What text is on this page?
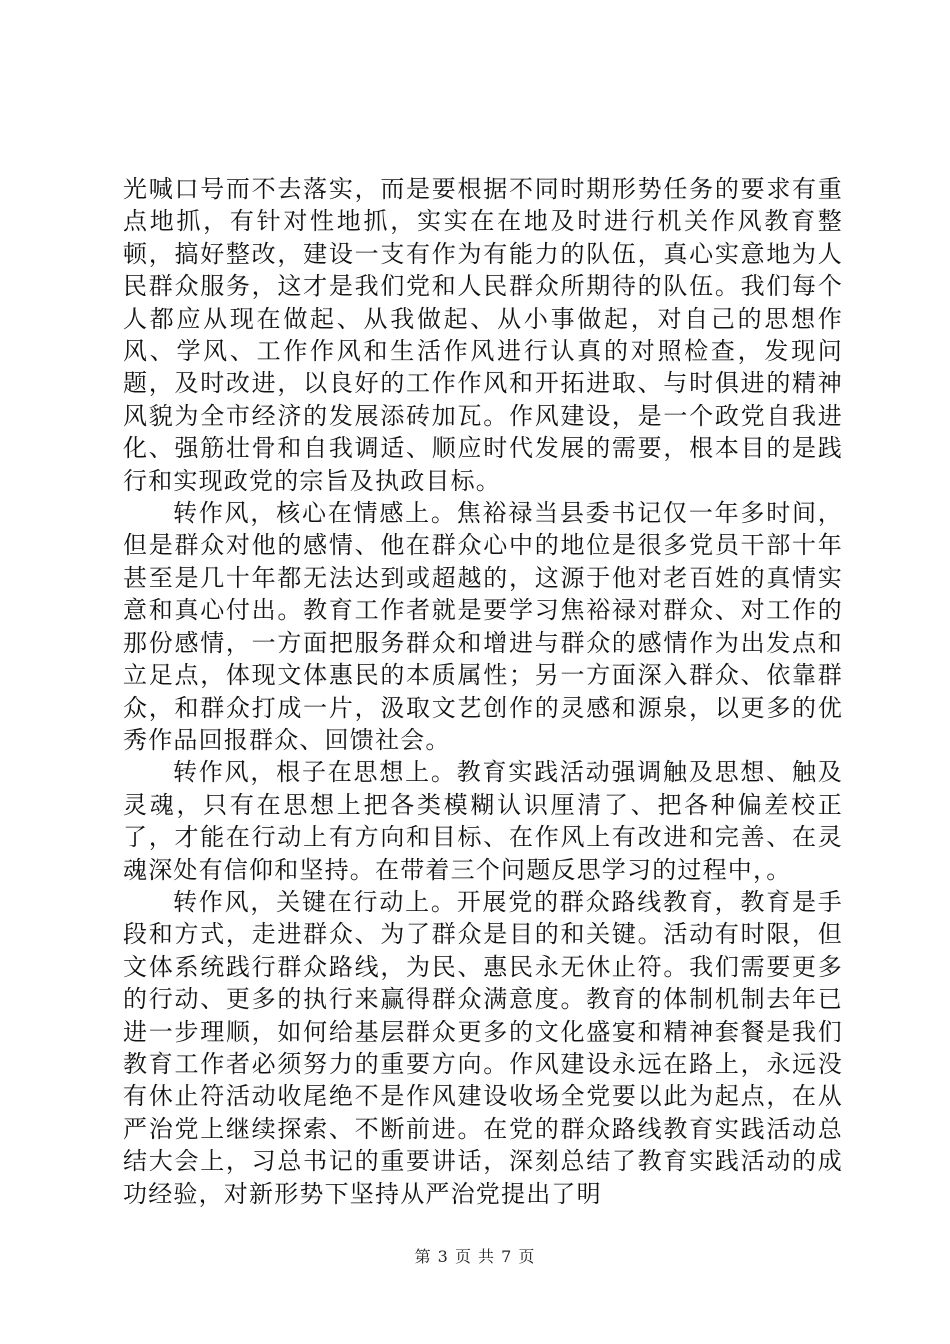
光喊口号而不去落实，而是要根据不同时期形势任务的要求有重点地抓，有针对性地抓，实实在在地及时进行机关作风教育整顿，搞好整改，建设一支有作为有能力的队伍，真心实意地为人民群众服务，这才是我们党和人民群众所期待的队伍。我们每个人都应从现在做起、从我做起、从小事做起，对自己的思想作风、学风、工作作风和生活作风进行认真的对照检查，发现问题，及时改进，以良好的工作作风和开拓进取、与时俱进的精神风貌为全市经济的发展添砖加瓦。作风建设，是一个政党自我进化、强筋壮骨和自我调适、顺应时代发展的需要，根本目的是践行和实现政党的宗旨及执政目标。

转作风，核心在情感上。焦裕禄当县委书记仅一年多时间，但是群众对他的感情、他在群众心中的地位是很多党员干部十年甚至是几十年都无法达到或超越的，这源于他对老百姓的真情实意和真心付出。教育工作者就是要学习焦裕禄对群众、对工作的那份感情，一方面把服务群众和增进与群众的感情作为出发点和立足点，体现文体惠民的本质属性；另一方面深入群众、依靠群众，和群众打成一片，汲取文艺创作的灵感和源泉，以更多的优秀作品回报群众、回馈社会。

转作风，根子在思想上。教育实践活动强调触及思想、触及灵魂，只有在思想上把各类模糊认识厘清了、把各种偏差校正了，才能在行动上有方向和目标、在作风上有改进和完善、在灵魂深处有信仰和坚持。在带着三个问题反思学习的过程中，。

转作风，关键在行动上。开展党的群众路线教育，教育是手段和方式，走进群众、为了群众是目的和关键。活动有时限，但文体系统践行群众路线，为民、惠民永无休止符。我们需要更多的行动、更多的执行来赢得群众满意度。教育的体制机制去年已进一步理顺，如何给基层群众更多的文化盛宴和精神套餐是我们教育工作者必须努力的重要方向。作风建设永远在路上，永远没有休止符活动收尾绝不是作风建设收场全党要以此为起点，在从严治党上继续探索、不断前进。在党的群众路线教育实践活动总结大会上，习总书记的重要讲话，深刻总结了教育实践活动的成功经验，对新形势下坚持从严治党提出了明

第 3 页 共 7 页
